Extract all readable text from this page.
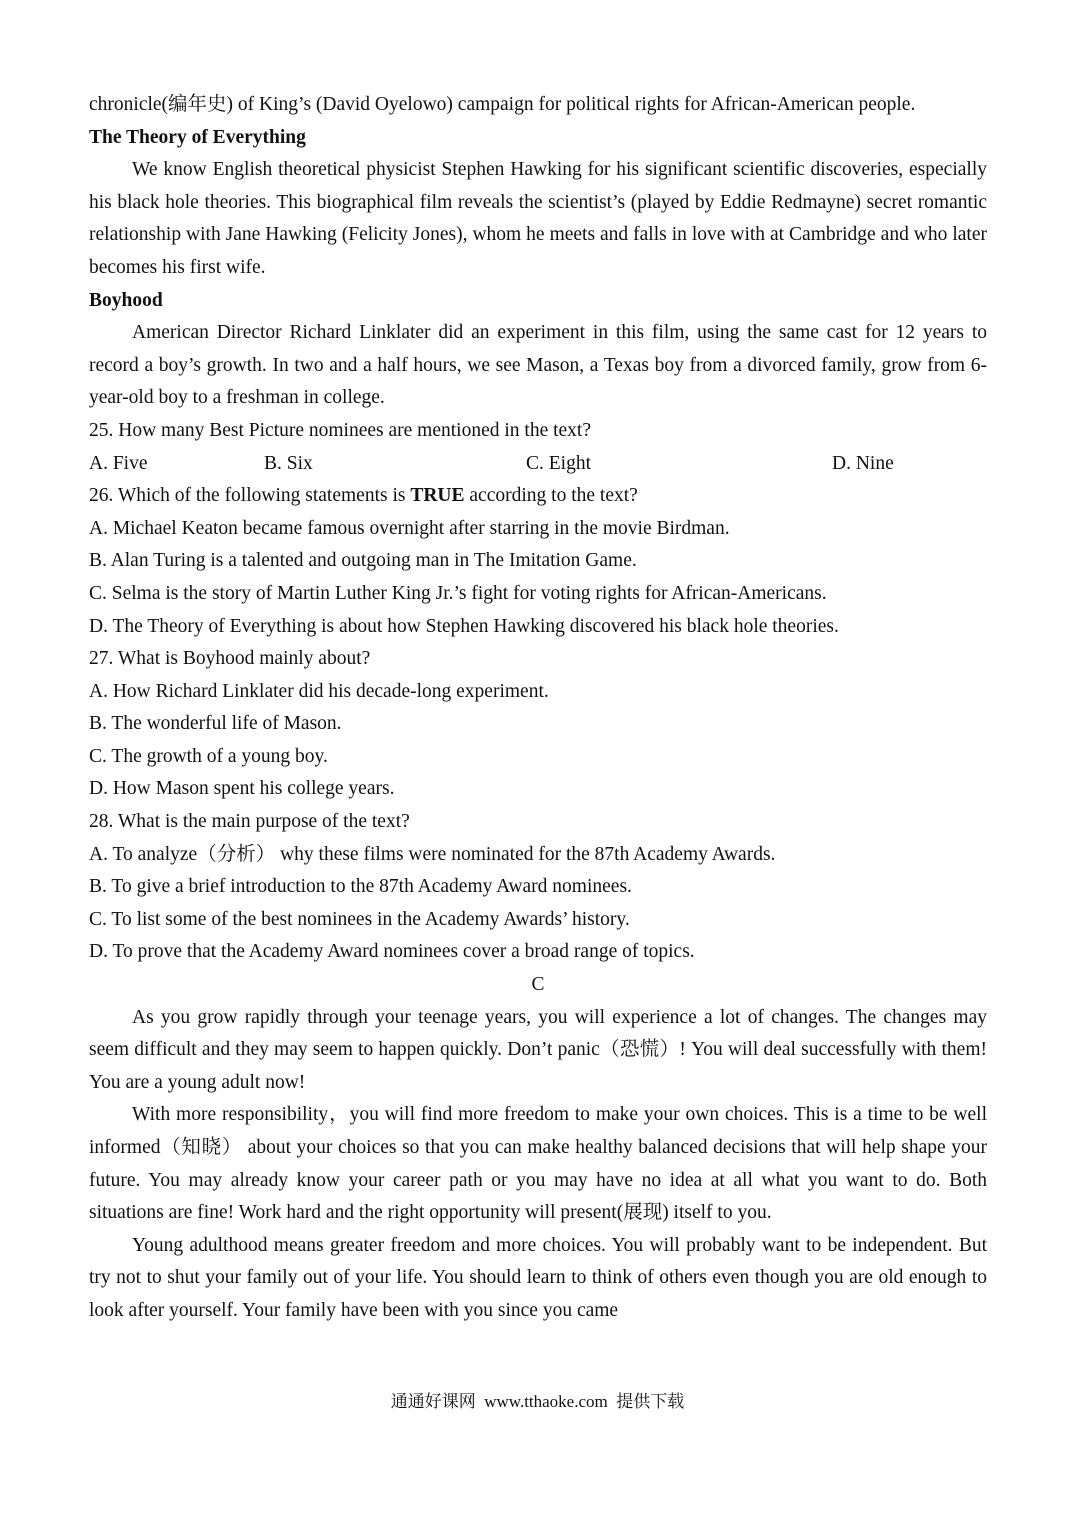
chronicle(编年史) of King’s (David Oyelowo) campaign for political rights for African-American people.
The Theory of Everything
We know English theoretical physicist Stephen Hawking for his significant scientific discoveries, especially his black hole theories. This biographical film reveals the scientist’s (played by Eddie Redmayne) secret romantic relationship with Jane Hawking (Felicity Jones), whom he meets and falls in love with at Cambridge and who later becomes his first wife.
Boyhood
American Director Richard Linklater did an experiment in this film, using the same cast for 12 years to record a boy’s growth. In two and a half hours, we see Mason, a Texas boy from a divorced family, grow from 6-year-old boy to a freshman in college.
25. How many Best Picture nominees are mentioned in the text?
A. Five	B. Six	C. Eight	D. Nine
26. Which of the following statements is TRUE according to the text?
A. Michael Keaton became famous overnight after starring in the movie Birdman.
B. Alan Turing is a talented and outgoing man in The Imitation Game.
C. Selma is the story of Martin Luther King Jr.’s fight for voting rights for African-Americans.
D. The Theory of Everything is about how Stephen Hawking discovered his black hole theories.
27. What is Boyhood mainly about?
A. How Richard Linklater did his decade-long experiment.
B. The wonderful life of Mason.
C. The growth of a young boy.
D. How Mason spent his college years.
28. What is the main purpose of the text?
A. To analyze（分析） why these films were nominated for the 87th Academy Awards.
B. To give a brief introduction to the 87th Academy Award nominees.
C. To list some of the best nominees in the Academy Awards’ history.
D. To prove that the Academy Award nominees cover a broad range of topics.
C
As you grow rapidly through your teenage years, you will experience a lot of changes. The changes may seem difficult and they may seem to happen quickly. Don’t panic（恐慌）! You will deal successfully with them! You are a young adult now!
With more responsibility，you will find more freedom to make your own choices. This is a time to be well informed（知晓） about your choices so that you can make healthy balanced decisions that will help shape your future. You may already know your career path or you may have no idea at all what you want to do. Both situations are fine! Work hard and the right opportunity will present(展现) itself to you.
Young adulthood means greater freedom and more choices. You will probably want to be independent. But try not to shut your family out of your life. You should learn to think of others even though you are old enough to look after yourself. Your family have been with you since you came
通通好课网  www.tthaoke.com  提供下载
